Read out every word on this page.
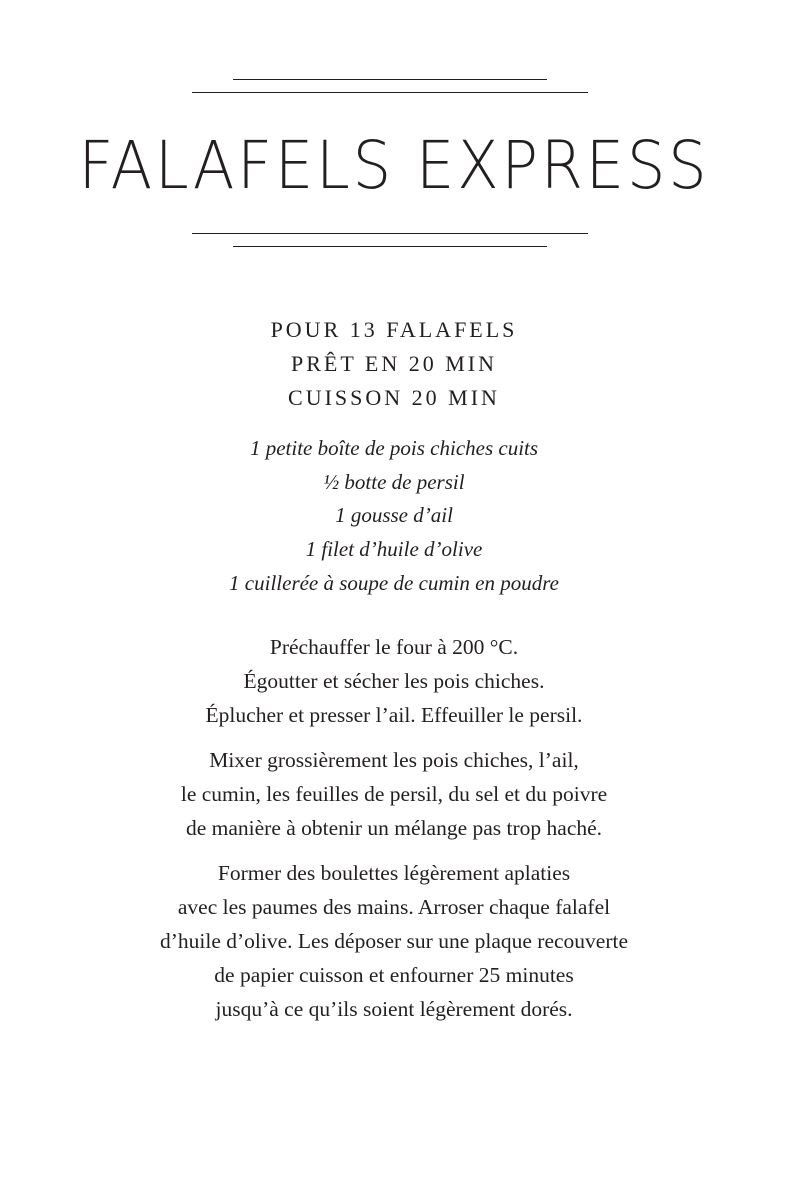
FALAFELS EXPRESS
POUR 13 FALAFELS
PRÊT EN 20 MIN
CUISSON 20 MIN
1 petite boîte de pois chiches cuits
½ botte de persil
1 gousse d’ail
1 filet d’huile d’olive
1 cuillerée à soupe de cumin en poudre

Préchauffer le four à 200 °C.
Égoutter et sécher les pois chiches.
Éplucher et presser l’ail. Effeuiller le persil.

Mixer grossièrement les pois chiches, l’ail,
le cumin, les feuilles de persil, du sel et du poivre
de manière à obtenir un mélange pas trop haché.

Former des boulettes légèrement aplaties
avec les paumes des mains. Arroser chaque falafel
d’huile d’olive. Les déposer sur une plaque recouverte
de papier cuisson et enfourner 25 minutes
jusqu’à ce qu’ils soient légèrement dorés.
